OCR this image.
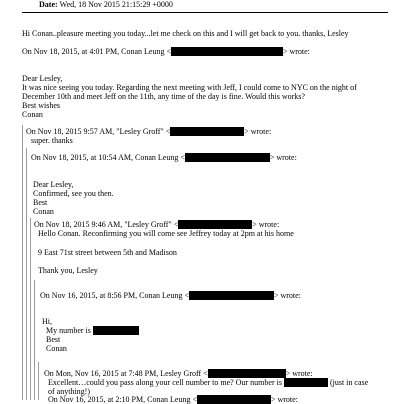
Date: Wed, 18 Nov 2015 21:15:29 +0000
Hi Conan..pleasure meeting you today...let me check on this and I will get back to you. thanks, Lesley
On Nov 18, 2015, at 4:01 PM, Conan Leung <	> wrote:
Dear Lesley,
It was nice seeing you today. Regarding the next meeting with Jeff, I could come to NYC on the night of
December 10th and meet Jeff on the 11th, any time of the day is fine. Would this works?
Best wishes
Conan
On Nov 18, 2015 9:57 AM, "Lesley Groff" <	> wrote:
super. thanks
On Nov 18, 2015, at 10:54 AM, Conan Leung <	> wrote:
Dear Lesley,
Confirmed, see you then.
Best
Conan
On Nov 18, 2015 9:46 AM, "Lesley Groff" <	> wrote:
Hello Conan. Reconfirming you will come see Jeffrey today at 2pm at his home
9 East 71st street between 5th and Madison
Thank you, Lesley
On Nov 16, 2015, at 8:56 PM, Conan Leung <	> wrote:
Hi,
My number is
Best
Conan
On Mon, Nov 16, 2015 at 7:48 PM, Lesley Groff <	> wrote:
Excellent…could you pass along your cell number to me? Our number is	(just in case
of anything!)
On Nov 16, 2015, at 2:10 PM, Conan Leung <	> wrote:
